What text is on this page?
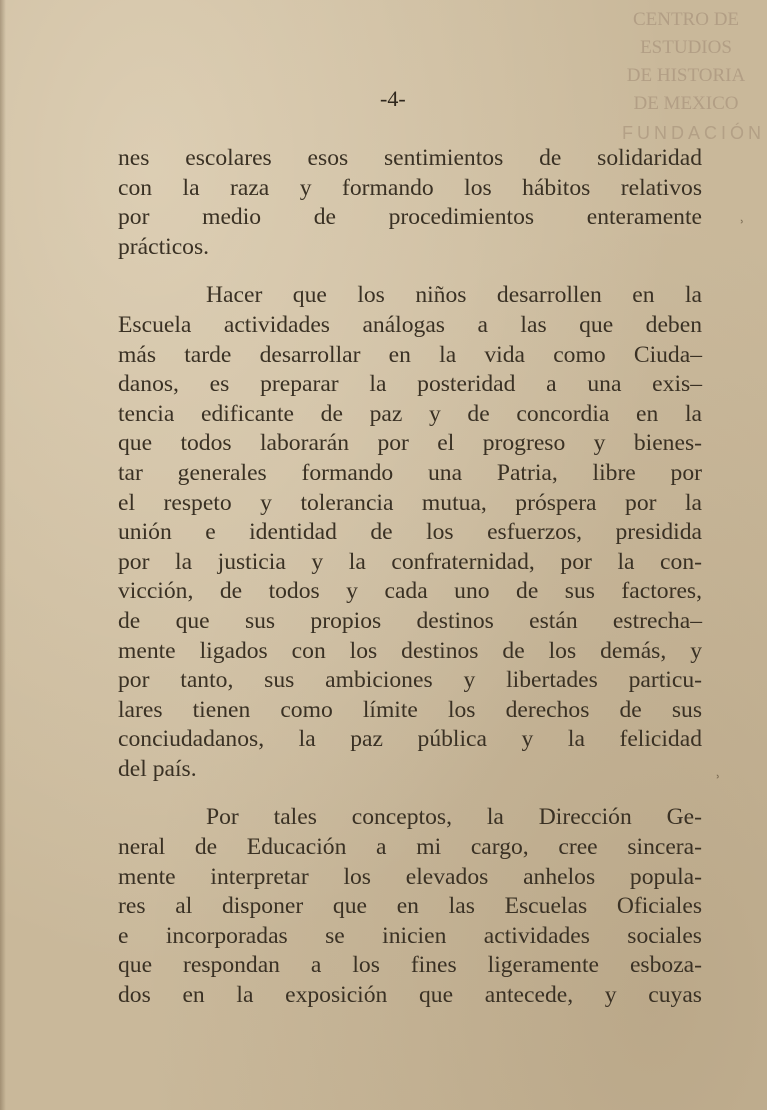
CENTRO DE
ESTUDIOS
DE HISTORIA
DE MEXICO
FUNDACIÓN
-4-
nes escolares esos sentimientos de solidaridad
con la raza y formando los hábitos relativos
por medio de procedimientos enteramente
prácticos.
Hacer que los niños desarrollen en la
Escuela actividades análogas a las que deben
más tarde desarrollar en la vida como Ciuda–
danos, es preparar la posteridad a una exis–
tencia edificante de paz y de concordia en la
que todos laborarán por el progreso y bienes-
tar generales formando una Patria, libre por
el respeto y tolerancia mutua, próspera por la
unión e identidad de los esfuerzos, presidida
por la justicia y la confraternidad, por la con-
vicción, de todos y cada uno de sus factores,
de que sus propios destinos están estrecha–
mente ligados con los destinos de los demás, y
por tanto, sus ambiciones y libertades particu-
lares tienen como límite los derechos de sus
conciudadanos, la paz pública y la felicidad
del país.
Por tales conceptos, la Dirección Ge-
neral de Educación a mi cargo, cree sincera-
mente interpretar los elevados anhelos popula-
res al disponer que en las Escuelas Oficiales
e incorporadas se inicien actividades sociales
que respondan a los fines ligeramente esboza-
dos en la exposición que antecede, y cuyas
˒
˒
